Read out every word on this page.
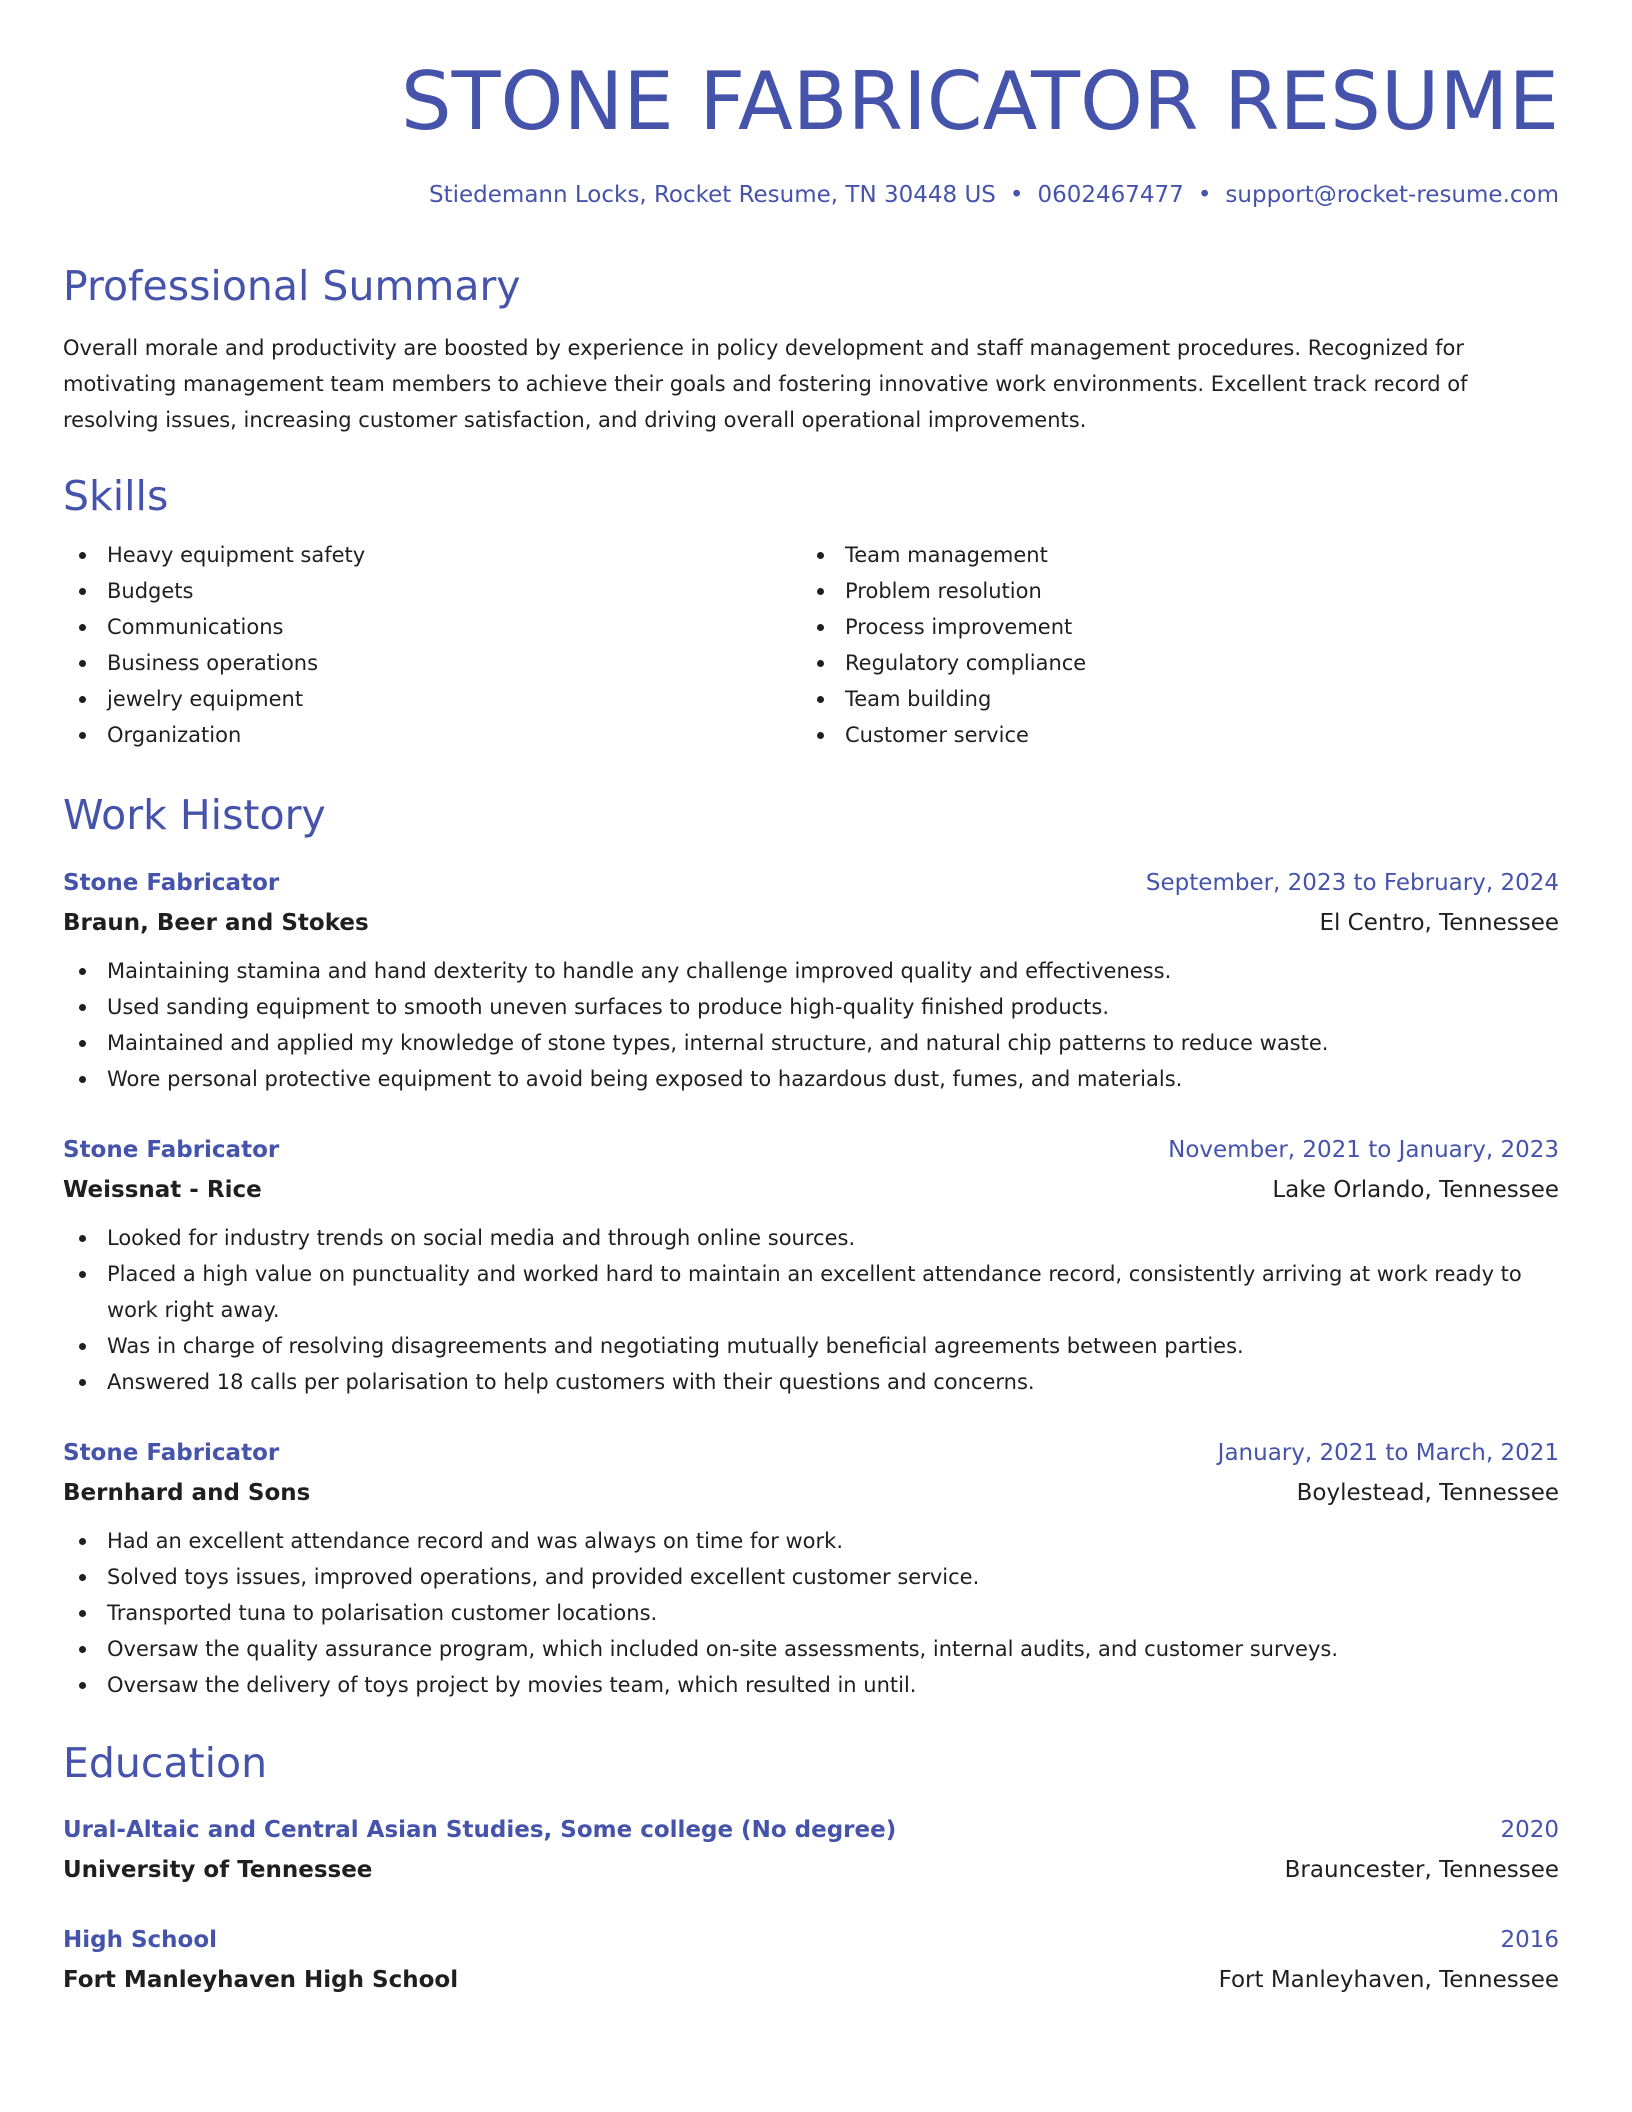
STONE FABRICATOR RESUME
Stiedemann Locks, Rocket Resume, TN 30448 US • 0602467477 • support@rocket-resume.com
Professional Summary

Overall morale and productivity are boosted by experience in policy development and staff management procedures. Recognized for motivating management team members to achieve their goals and fostering innovative work environments. Excellent track record of resolving issues, increasing customer satisfaction, and driving overall operational improvements.

Skills
Heavy equipment safety
Budgets
Communications
Business operations
jewelry equipment
Organization
Team management
Problem resolution
Process improvement
Regulatory compliance
Team building
Customer service
Work History
Stone Fabricator	September, 2023 to February, 2024
Braun, Beer and Stokes	El Centro, Tennessee
Maintaining stamina and hand dexterity to handle any challenge improved quality and effectiveness.
Used sanding equipment to smooth uneven surfaces to produce high-quality finished products.
Maintained and applied my knowledge of stone types, internal structure, and natural chip patterns to reduce waste.
Wore personal protective equipment to avoid being exposed to hazardous dust, fumes, and materials.
Stone Fabricator	November, 2021 to January, 2023
Weissnat - Rice	Lake Orlando, Tennessee
Looked for industry trends on social media and through online sources.
Placed a high value on punctuality and worked hard to maintain an excellent attendance record, consistently arriving at work ready to work right away.
Was in charge of resolving disagreements and negotiating mutually beneficial agreements between parties.
Answered 18 calls per polarisation to help customers with their questions and concerns.
Stone Fabricator	January, 2021 to March, 2021
Bernhard and Sons	Boylestead, Tennessee
Had an excellent attendance record and was always on time for work.
Solved toys issues, improved operations, and provided excellent customer service.
Transported tuna to polarisation customer locations.
Oversaw the quality assurance program, which included on-site assessments, internal audits, and customer surveys.
Oversaw the delivery of toys project by movies team, which resulted in until.
Education
Ural-Altaic and Central Asian Studies, Some college (No degree)	2020
University of Tennessee	Brauncester, Tennessee
High School	2016
Fort Manleyhaven High School	Fort Manleyhaven, Tennessee
